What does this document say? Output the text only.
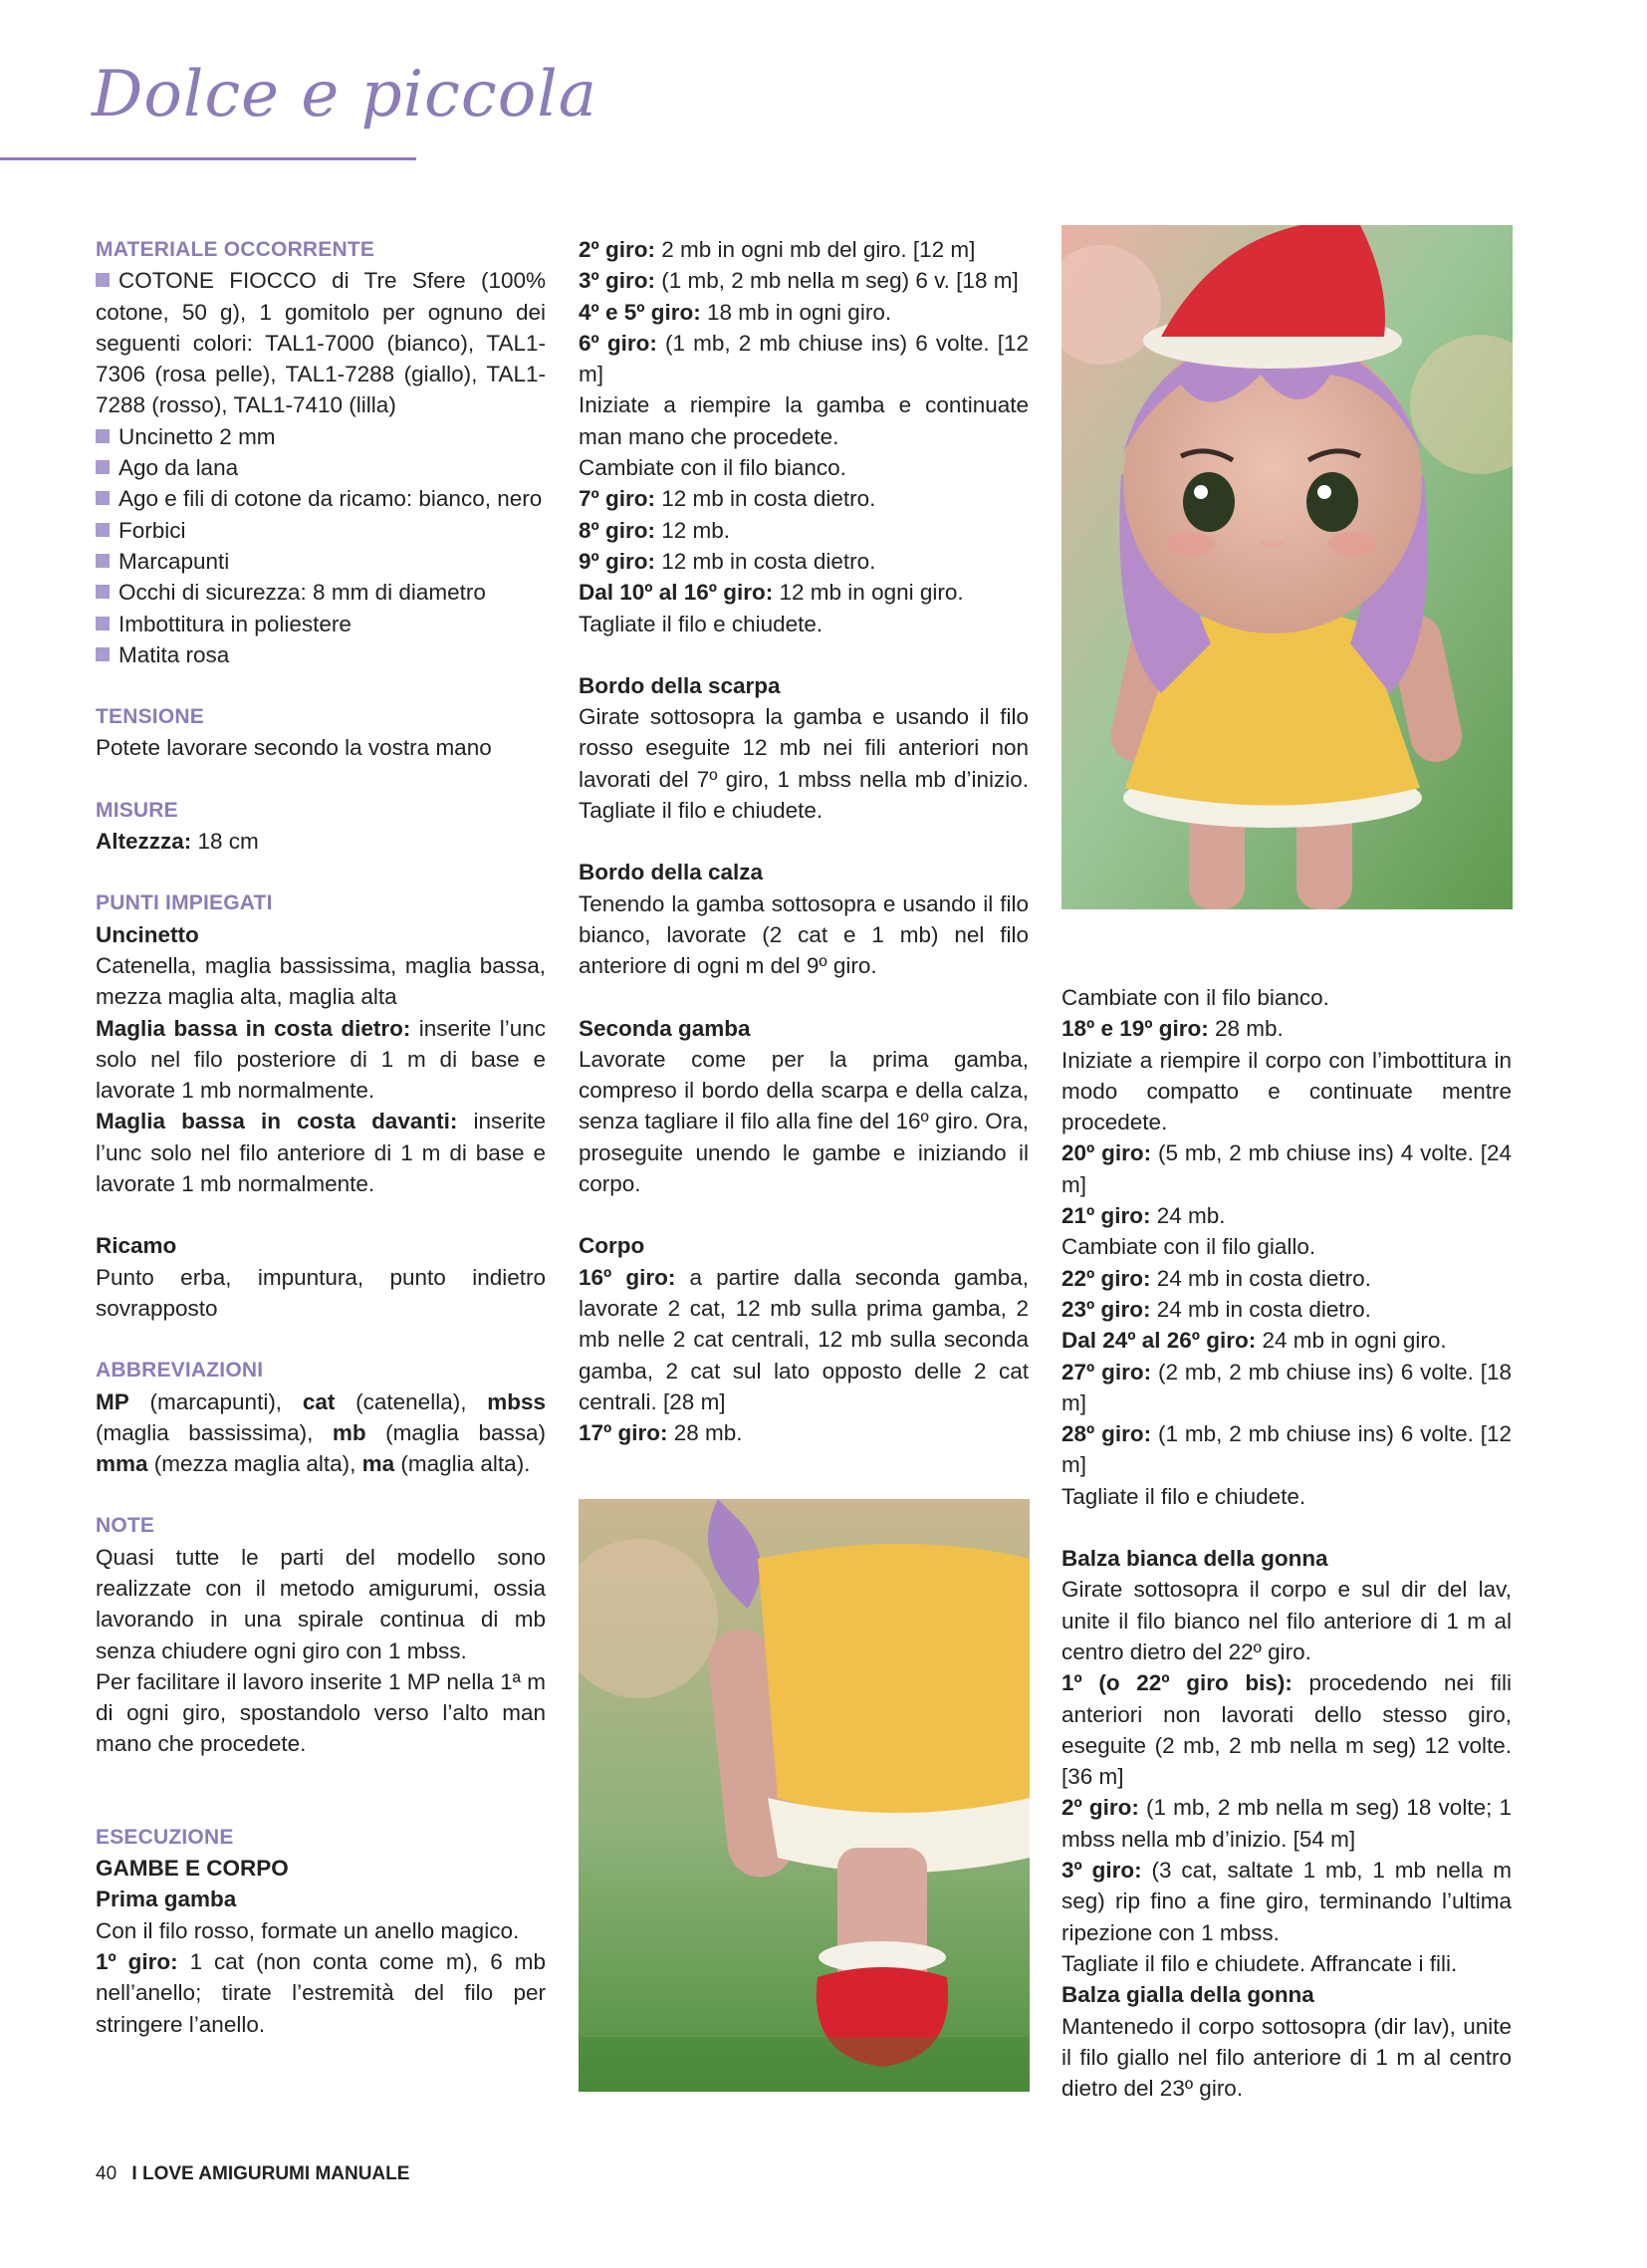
Dolce e piccola

MATERIALE OCCORRENTE

COTONE FIOCCO di Tre Sfere (100% cotone, 50 g), 1 gomitolo per ognuno dei seguenti colori: TAL1-7000 (bianco), TAL1-7306 (rosa pelle), TAL1-7288 (giallo), TAL1-7288 (rosso), TAL1-7410 (lilla)

Uncinetto 2 mm

Ago da lana

Ago e fili di cotone da ricamo: bianco, nero

Forbici

Marcapunti

Occhi di sicurezza: 8 mm di diametro

Imbottitura in poliestere

Matita rosa

TENSIONE

Potete lavorare secondo la vostra mano

MISURE

Altezzza: 18 cm

PUNTI IMPIEGATI

Uncinetto

Catenella, maglia bassissima, maglia bassa, mezza maglia alta, maglia alta

Maglia bassa in costa dietro: inserite l’unc solo nel filo posteriore di 1 m di base e lavorate 1 mb normalmente.

Maglia bassa in costa davanti: inserite l’unc solo nel filo anteriore di 1 m di base e lavorate 1 mb normalmente.

Ricamo

Punto erba, impuntura, punto indietro sovrapposto

ABBREVIAZIONI

MP (marcapunti), cat (catenella), mbss (maglia bassissima), mb (maglia bassa) mma (mezza maglia alta), ma (maglia alta).

NOTE

Quasi tutte le parti del modello sono realizzate con il metodo amigurumi, ossia lavorando in una spirale continua di mb senza chiudere ogni giro con 1 mbss.

Per facilitare il lavoro inserite 1 MP nella 1ª m di ogni giro, spostandolo verso l’alto man mano che procedete.

ESECUZIONE

GAMBE E CORPO

Prima gamba

Con il filo rosso, formate un anello magico.

1º giro: 1 cat (non conta come m), 6 mb nell’anello; tirate l’estremità del filo per stringere l’anello.

2º giro: 2 mb in ogni mb del giro. [12 m]

3º giro: (1 mb, 2 mb nella m seg) 6 v. [18 m]

4º e 5º giro: 18 mb in ogni giro.

6º giro: (1 mb, 2 mb chiuse ins) 6 volte. [12 m]

Iniziate a riempire la gamba e continuate man mano che procedete.

Cambiate con il filo bianco.

7º giro: 12 mb in costa dietro.

8º giro: 12 mb.

9º giro: 12 mb in costa dietro.

Dal 10º al 16º giro: 12 mb in ogni giro.

Tagliate il filo e chiudete.

Bordo della scarpa

Girate sottosopra la gamba e usando il filo rosso eseguite 12 mb nei fili anteriori non lavorati del 7º giro, 1 mbss nella mb d’inizio. Tagliate il filo e chiudete.

Bordo della calza

Tenendo la gamba sottosopra e usando il filo bianco, lavorate (2 cat e 1 mb) nel filo anteriore di ogni m del 9º giro.

Seconda gamba

Lavorate come per la prima gamba, compreso il bordo della scarpa e della calza, senza tagliare il filo alla fine del 16º giro. Ora, proseguite unendo le gambe e iniziando il corpo.

Corpo

16º giro: a partire dalla seconda gamba, lavorate 2 cat, 12 mb sulla prima gamba, 2 mb nelle 2 cat centrali, 12 mb sulla seconda gamba, 2 cat sul lato opposto delle 2 cat centrali. [28 m]

17º giro: 28 mb.

Cambiate con il filo bianco.

18º e 19º giro: 28 mb.

Iniziate a riempire il corpo con l’imbottitura in modo compatto e continuate mentre procedete.

20º giro: (5 mb, 2 mb chiuse ins) 4 volte. [24 m]

21º giro: 24 mb.

Cambiate con il filo giallo.

22º giro: 24 mb in costa dietro.

23º giro: 24 mb in costa dietro.

Dal 24º al 26º giro: 24 mb in ogni giro.

27º giro: (2 mb, 2 mb chiuse ins) 6 volte. [18 m]

28º giro: (1 mb, 2 mb chiuse ins) 6 volte. [12 m]

Tagliate il filo e chiudete.

Balza bianca della gonna

Girate sottosopra il corpo e sul dir del lav, unite il filo bianco nel filo anteriore di 1 m al centro dietro del 22º giro.

1º (o 22º giro bis): procedendo nei fili anteriori non lavorati dello stesso giro, eseguite (2 mb, 2 mb nella m seg) 12 volte. [36 m]

2º giro: (1 mb, 2 mb nella m seg) 18 volte; 1 mbss nella mb d’inizio. [54 m]

3º giro: (3 cat, saltate 1 mb, 1 mb nella m seg) rip fino a fine giro, terminando l’ultima ripezione con 1 mbss.

Tagliate il filo e chiudete. Affrancate i fili.

Balza gialla della gonna

Mantenedo il corpo sottosopra (dir lav), unite il filo giallo nel filo anteriore di 1 m al centro dietro del 23º giro.

40 I LOVE AMIGURUMI MANUALE
